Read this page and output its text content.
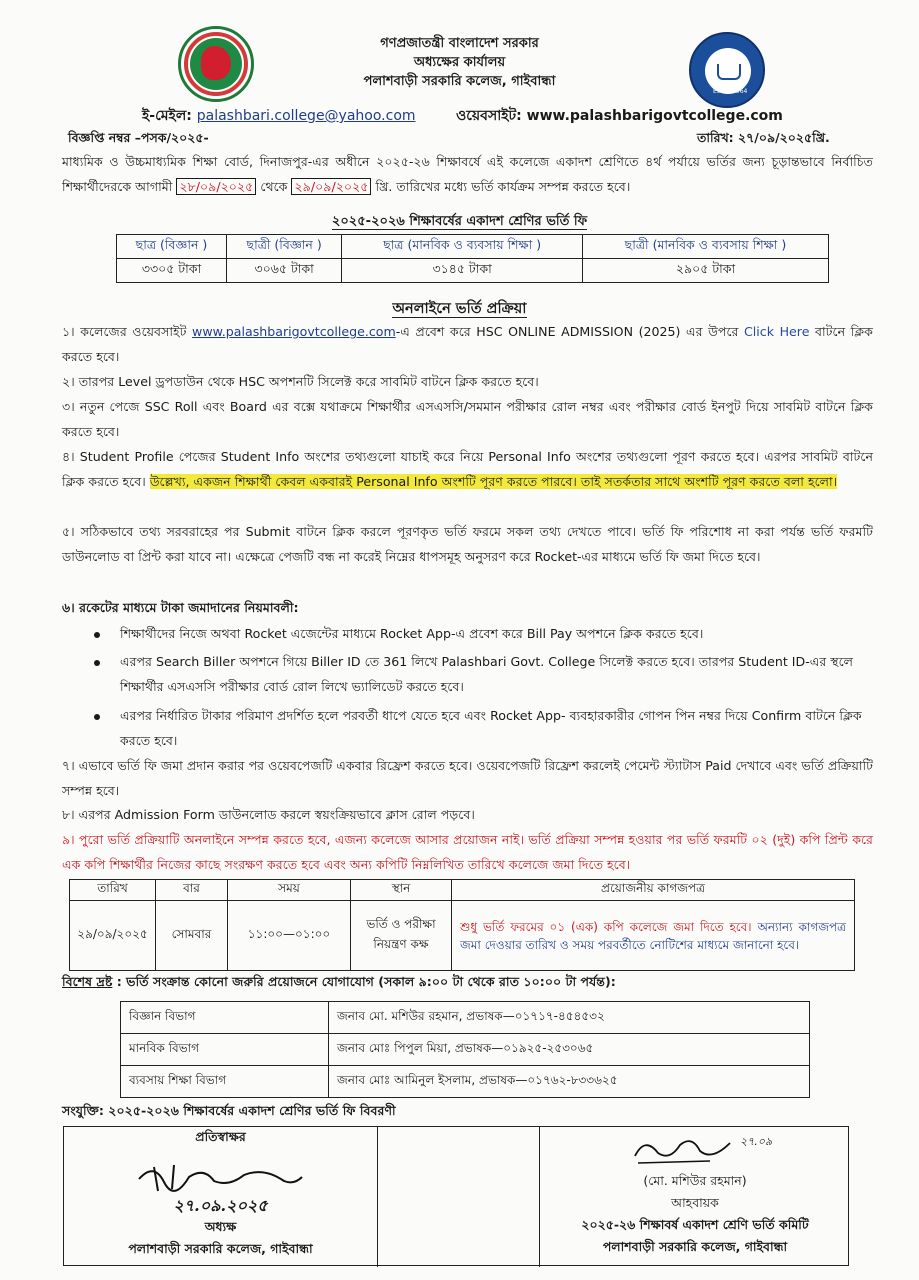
Estd - 1964
গণপ্রজাতন্ত্রী বাংলাদেশ সরকার
অধ্যক্ষের কার্যালয়
পলাশবাড়ী সরকারি কলেজ, গাইবান্ধা
ই-মেইল: palashbari.college@yahoo.com	ওয়েবসাইট: www.palashbarigovtcollege.com
বিজ্ঞপ্তি নম্বর –পসক/২০২৫-	তারিখ: ২৭/০৯/২০২৫খ্রি.
মাধ্যমিক ও উচ্চমাধ্যমিক শিক্ষা বোর্ড, দিনাজপুর-এর অধীনে ২০২৫-২৬ শিক্ষাবর্ষে এই কলেজে একাদশ শ্রেণিতে ৪র্থ পর্যায়ে ভর্তির জন্য চূড়ান্তভাবে নির্বাচিত শিক্ষার্থীদেরকে আগামী ২৮/০৯/২০২৫ থেকে ২৯/০৯/২০২৫ খ্রি. তারিখের মধ্যে ভর্তি কার্যক্রম সম্পন্ন করতে হবে।
২০২৫-২০২৬ শিক্ষাবর্ষের একাদশ শ্রেণির ভর্তি ফি
ছাত্র (বিজ্ঞান )	ছাত্রী (বিজ্ঞান )	ছাত্র (মানবিক ও ব্যবসায় শিক্ষা )	ছাত্রী (মানবিক ও ব্যবসায় শিক্ষা )
৩৩০৫ টাকা	৩০৬৫ টাকা	৩১৪৫ টাকা	২৯০৫ টাকা
অনলাইনে ভর্তি প্রক্রিয়া
১। কলেজের ওয়েবসাইট www.palashbarigovtcollege.com-এ প্রবেশ করে HSC ONLINE ADMISSION (2025) এর উপরে Click Here বাটনে ক্লিক করতে হবে।
২। তারপর Level ড্রপডাউন থেকে HSC অপশনটি সিলেক্ট করে সাবমিট বাটনে ক্লিক করতে হবে।
৩। নতুন পেজে SSC Roll এবং Board এর বক্সে যথাক্রমে শিক্ষার্থীর এসএসসি/সমমান পরীক্ষার রোল নম্বর এবং পরীক্ষার বোর্ড ইনপুট দিয়ে সাবমিট বাটনে ক্লিক করতে হবে।
৪। Student Profile পেজের Student Info অংশের তথ্যগুলো যাচাই করে নিয়ে Personal Info অংশের তথ্যগুলো পূরণ করতে হবে। এরপর সাবমিট বাটনে ক্লিক করতে হবে। উল্লেখ্য, একজন শিক্ষার্থী কেবল একবারই Personal Info অংশটি পূরণ করতে পারবে। তাই সতর্কতার সাথে অংশটি পূরণ করতে বলা হলো।
৫। সঠিকভাবে তথ্য সরবরাহের পর Submit বাটনে ক্লিক করলে পূরণকৃত ভর্তি ফরমে সকল তথ্য দেখতে পাবে। ভর্তি ফি পরিশোধ না করা পর্যন্ত ভর্তি ফরমটি ডাউনলোড বা প্রিন্ট করা যাবে না। এক্ষেত্রে পেজটি বন্ধ না করেই নিম্নের ধাপসমূহ অনুসরণ করে Rocket-এর মাধ্যমে ভর্তি ফি জমা দিতে হবে।
৬। রকেটের মাধ্যমে টাকা জমাদানের নিয়মাবলী:
শিক্ষার্থীদের নিজে অথবা Rocket এজেন্টের মাধ্যমে Rocket App-এ প্রবেশ করে Bill Pay অপশনে ক্লিক করতে হবে।
এরপর Search Biller অপশনে গিয়ে Biller ID তে 361 লিখে Palashbari Govt. College সিলেক্ট করতে হবে। তারপর Student ID-এর স্থলে শিক্ষার্থীর এসএসসি পরীক্ষার বোর্ড রোল লিখে ভ্যালিডেট করতে হবে।
এরপর নির্ধারিত টাকার পরিমাণ প্রদর্শিত হলে পরবর্তী ধাপে যেতে হবে এবং Rocket App- ব্যবহারকারীর গোপন পিন নম্বর দিয়ে Confirm বাটনে ক্লিক করতে হবে।
৭। এভাবে ভর্তি ফি জমা প্রদান করার পর ওয়েবপেজটি একবার রিফ্রেশ করতে হবে। ওয়েবপেজটি রিফ্রেশ করলেই পেমেন্ট স্ট্যাটাস Paid দেখাবে এবং ভর্তি প্রক্রিয়াটি সম্পন্ন হবে।
৮। এরপর Admission Form ডাউনলোড করলে স্বয়ংক্রিয়ভাবে ক্লাস রোল পড়বে।
৯। পুরো ভর্তি প্রক্রিয়াটি অনলাইনে সম্পন্ন করতে হবে, এজন্য কলেজে আসার প্রয়োজন নাই। ভর্তি প্রক্রিয়া সম্পন্ন হওয়ার পর ভর্তি ফরমটি ০২ (দুই) কপি প্রিন্ট করে এক কপি শিক্ষার্থীর নিজের কাছে সংরক্ষণ করতে হবে এবং অন্য কপিটি নিম্নলিখিত তারিখে কলেজে জমা দিতে হবে।
তারিখ	বার	সময়	স্থান	প্রয়োজনীয় কাগজপত্র
২৯/০৯/২০২৫	সোমবার	১১:০০—০১:০০	ভর্তি ও পরীক্ষা নিয়ন্ত্রণ কক্ষ	শুধু ভর্তি ফরমের ০১ (এক) কপি কলেজে জমা দিতে হবে। অন্যান্য কাগজপত্র জমা দেওয়ার তারিখ ও সময় পরবর্তীতে নোটিশের মাধ্যমে জানানো হবে।
বিশেষ দ্রষ্ট : ভর্তি সংক্রান্ত কোনো জরুরি প্রয়োজনে যোগাযোগ (সকাল ৯:০০ টা থেকে রাত ১০:০০ টা পর্যন্ত):
বিজ্ঞান বিভাগ	জনাব মো. মশিউর রহমান, প্রভাষক—০১৭১৭-৪৫৪৫৩২
মানবিক বিভাগ	জনাব মোঃ পিপুল মিয়া, প্রভাষক—০১৯২৫-২৫৩০৬৫
ব্যবসায় শিক্ষা বিভাগ	জনাব মোঃ আমিনুল ইসলাম, প্রভাষক—০১৭৬২-৮৩৩৬২৫
সংযুক্তি: ২০২৫-২০২৬ শিক্ষাবর্ষের একাদশ শ্রেণির ভর্তি ফি বিবরণী
প্রতিস্বাক্ষর
২৭.০৯.২০২৫
অধ্যক্ষ
পলাশবাড়ী সরকারি কলেজ, গাইবান্ধা
২৭.০৯
(মো. মশিউর রহমান)
আহবায়ক
২০২৫-২৬ শিক্ষাবর্ষ একাদশ শ্রেণি ভর্তি কমিটি
পলাশবাড়ী সরকারি কলেজ, গাইবান্ধা
